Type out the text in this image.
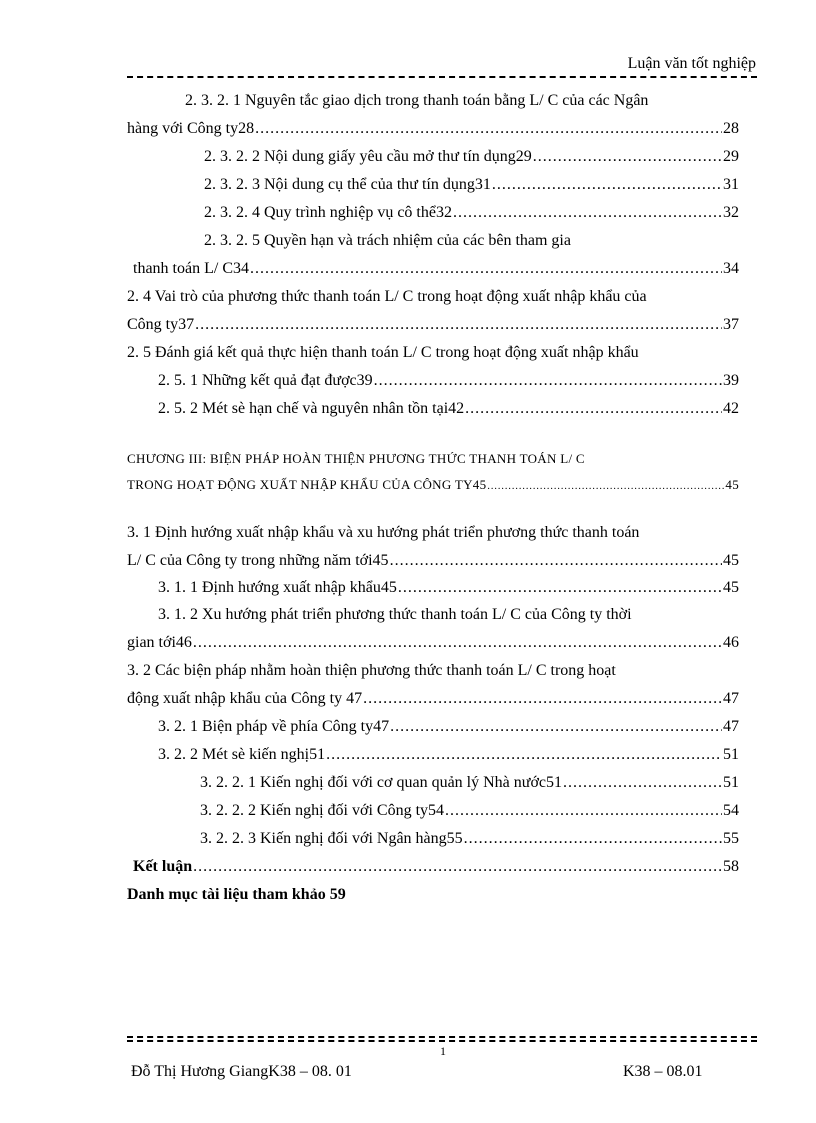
Luận văn tốt nghiệp
2. 3. 2. 1 Nguyên tắc giao dịch trong thanh toán bằng L/ C của các Ngân
hàng với Công ty28 .....	28
2. 3. 2. 2 Nội dung giấy yêu cầu mở thư tín dụng29 .....	29
2. 3. 2. 3 Nội dung cụ thể của thư tín dụng31 .....	31
2. 3. 2. 4 Quy trình nghiệp vụ cô thể32 .....	32
2. 3. 2. 5 Quyền hạn và trách nhiệm của các bên tham gia
thanh toán L/ C34 .....	34
2. 4 Vai trò của phương thức thanh toán L/ C trong hoạt động xuất nhập khẩu của
Công ty37 .....	37
2. 5 Đánh giá kết quả thực hiện thanh toán L/ C trong hoạt động xuất nhập khẩu
2. 5. 1 Những kết quả đạt được39 .....	39
2. 5. 2 Mét sè hạn chế và nguyên nhân tồn tại42 .....	42
CHƯƠNG III: BIỆN PHÁP HOÀN THIỆN PHƯƠNG THỨC THANH TOÁN L/ C
TRONG HOẠT ĐỘNG XUẤT NHẬP KHẨU CỦA CÔNG TY45 .....	45
3. 1 Định hướng xuất nhập khẩu và xu hướng phát triển phương thức thanh toán
L/ C của Công ty trong những năm tới45 .....	45
3. 1. 1 Định hướng xuất nhập khẩu45 .....	45
3. 1. 2 Xu hướng phát triển phương thức thanh toán L/ C của Công ty thời
gian tới46 .....	46
3. 2 Các biện pháp nhằm hoàn thiện phương thức thanh toán L/ C trong hoạt
động xuất nhập khẩu của Công ty 47 .....	47
3. 2. 1 Biện pháp về phía Công ty47 .....	47
3. 2. 2 Mét sè kiến nghị51 .....	51
3. 2. 2. 1 Kiến nghị đối với cơ quan quản lý Nhà nước51 .....	51
3. 2. 2. 2 Kiến nghị đối với Công ty54 .....	54
3. 2. 2. 3 Kiến nghị đối với Ngân hàng55 .....	55
Kết luận .....	58
Danh mục tài liệu tham khảo 59
1
Đỗ Thị Hương GiangK38 – 08. 01	K38 – 08.01
